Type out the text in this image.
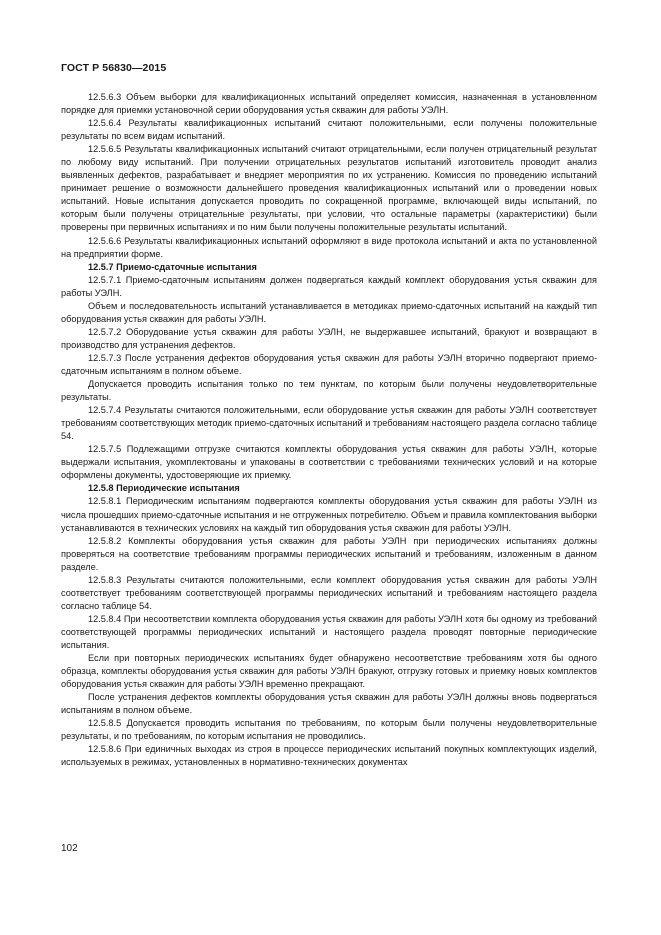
ГОСТ Р 56830—2015

12.5.6.3 Объем выборки для квалификационных испытаний определяет комиссия, назначенная в установленном порядке для приемки установочной серии оборудования устья скважин для работы УЭЛН.

12.5.6.4 Результаты квалификационных испытаний считают положительными, если получены положительные результаты по всем видам испытаний.

12.5.6.5 Результаты квалификационных испытаний считают отрицательными, если получен отрицательный результат по любому виду испытаний. При получении отрицательных результатов испытаний изготовитель проводит анализ выявленных дефектов, разрабатывает и внедряет мероприятия по их устранению. Комиссия по проведению испытаний принимает решение о возможности дальнейшего проведения квалификационных испытаний или о проведении новых испытаний. Новые испытания допускается проводить по сокращенной программе, включающей виды испытаний, по которым были получены отрицательные результаты, при условии, что остальные параметры (характеристики) были проверены при первичных испытаниях и по ним были получены положительные результаты испытаний.

12.5.6.6 Результаты квалификационных испытаний оформляют в виде протокола испытаний и акта по установленной на предприятии форме.

12.5.7 Приемо-сдаточные испытания

12.5.7.1 Приемо-сдаточным испытаниям должен подвергаться каждый комплект оборудования устья скважин для работы УЭЛН.

Объем и последовательность испытаний устанавливается в методиках приемо-сдаточных испытаний на каждый тип оборудования устья скважин для работы УЭЛН.

12.5.7.2 Оборудование устья скважин для работы УЭЛН, не выдержавшее испытаний, бракуют и возвращают в производство для устранения дефектов.

12.5.7.3 После устранения дефектов оборудования устья скважин для работы УЭЛН вторично подвергают приемо-сдаточным испытаниям в полном объеме.

Допускается проводить испытания только по тем пунктам, по которым были получены неудовлетворительные результаты.

12.5.7.4 Результаты считаются положительными, если оборудование устья скважин для работы УЭЛН соответствует требованиям соответствующих методик приемо-сдаточных испытаний и требованиям настоящего раздела согласно таблице 54.

12.5.7.5 Подлежащими отгрузке считаются комплекты оборудования устья скважин для работы УЭЛН, которые выдержали испытания, укомплектованы и упакованы в соответствии с требованиями технических условий и на которые оформлены документы, удостоверяющие их приемку.

12.5.8 Периодические испытания

12.5.8.1 Периодическим испытаниям подвергаются комплекты оборудования устья скважин для работы УЭЛН из числа прошедших приемо-сдаточные испытания и не отгруженных потребителю. Объем и правила комплектования выборки устанавливаются в технических условиях на каждый тип оборудования устья скважин для работы УЭЛН.

12.5.8.2 Комплекты оборудования устья скважин для работы УЭЛН при периодических испытаниях должны проверяться на соответствие требованиям программы периодических испытаний и требованиям, изложенным в данном разделе.

12.5.8.3 Результаты считаются положительными, если комплект оборудования устья скважин для работы УЭЛН соответствует требованиям соответствующей программы периодических испытаний и требованиям настоящего раздела согласно таблице 54.

12.5.8.4 При несоответствии комплекта оборудования устья скважин для работы УЭЛН хотя бы одному из требований соответствующей программы периодических испытаний и настоящего раздела проводят повторные периодические испытания.

Если при повторных периодических испытаниях будет обнаружено несоответствие требованиям хотя бы одного образца, комплекты оборудования устья скважин для работы УЭЛН бракуют, отгрузку готовых и приемку новых комплектов оборудования устья скважин для работы УЭЛН временно прекращают.

После устранения дефектов комплекты оборудования устья скважин для работы УЭЛН должны вновь подвергаться испытаниям в полном объеме.

12.5.8.5 Допускается проводить испытания по требованиям, по которым были получены неудовлетворительные результаты, и по требованиям, по которым испытания не проводились.

12.5.8.6 При единичных выходах из строя в процессе периодических испытаний покупных комплектующих изделий, используемых в режимах, установленных в нормативно-технических документах

102
